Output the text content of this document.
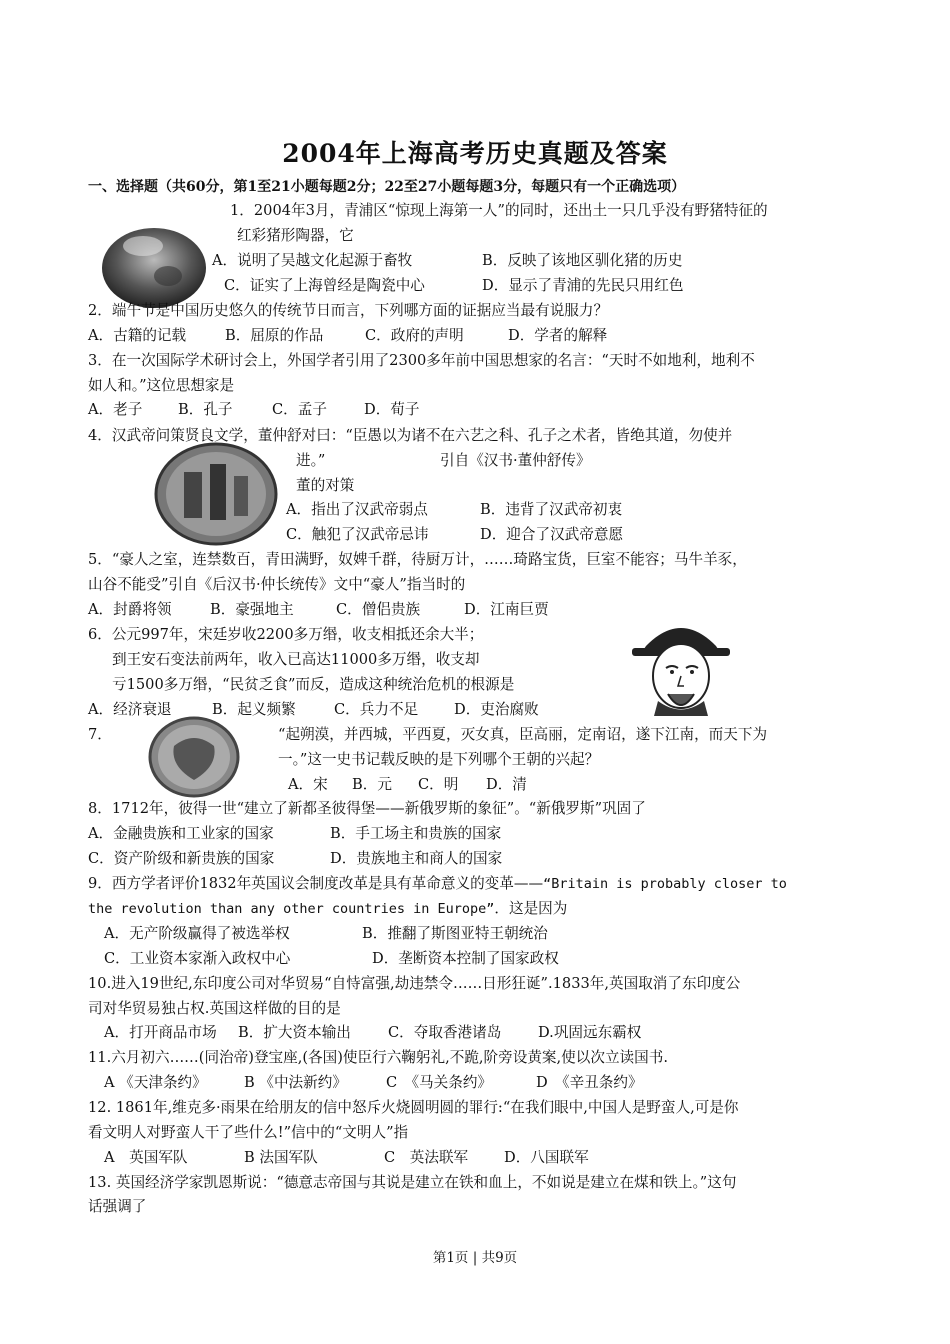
2004年上海高考历史真题及答案
一、选择题（共60分，第1至21小题每题2分；22至27小题每题3分，每题只有一个正确选项）
1．2004年3月，青浦区“惊现上海第一人”的同时，还出土一只几乎没有野猪特征的
红彩猪形陶器，它
A．说明了吴越文化起源于畜牧	B．反映了该地区驯化猪的历史
C．证实了上海曾经是陶瓷中心	D．显示了青浦的先民只用红色
2．端午节是中国历史悠久的传统节日而言，下列哪方面的证据应当最有说服力？
A．古籍的记载	B．屈原的作品	C．政府的声明	D．学者的解释
3．在一次国际学术研讨会上，外国学者引用了2300多年前中国思想家的名言：“天时不如地利，地利不
如人和。”这位思想家是
A．老子 B．孔子	C．孟子	D．荀子
4．汉武帝问策贤良文学，董仲舒对曰：“臣愚以为诸不在六艺之科、孔子之术者，皆绝其道，勿使并
进。”	引自《汉书·董仲舒传》
董的对策
A．指出了汉武帝弱点	B．违背了汉武帝初衷
C．触犯了汉武帝忌讳	D．迎合了汉武帝意愿
5．“豪人之室，连禁数百，青田满野，奴婢千群，待厨万计，……琦路宝货，巨室不能容；马牛羊豕，
山谷不能受”引自《后汉书·仲长统传》文中“豪人”指当时的
A．封爵将领	B．豪强地主	C．僧侣贵族	D．江南巨贾
6．公元997年，宋廷岁收2200多万缗，收支相抵还余大半；
到王安石变法前两年，收入已高达11000多万缗，收支却
亏1500多万缗，“民贫乏食”而反，造成这种统治危机的根源是
A．经济衰退	B．起义频繁	C．兵力不足 D．吏治腐败
7．	“起朔漠，并西城，平西夏，灭女真，臣高丽，定南诏，遂下江南，而天下为
一。”这一史书记载反映的是下列哪个王朝的兴起？
A．宋 B．元 C．明 D．清
8．1712年，彼得一世“建立了新都圣彼得堡——新俄罗斯的象征”。“新俄罗斯”巩固了
A．金融贵族和工业家的国家	B．手工场主和贵族的国家
C．资产阶级和新贵族的国家	D．贵族地主和商人的国家
9．西方学者评价1832年英国议会制度改革是具有革命意义的变革——“Britain is probably closer to
the revolution than any other countries in Europe”．这是因为
A．无产阶级赢得了被选举权	B．推翻了斯图亚特王朝统治
C．工业资本家渐入政权中心	D．垄断资本控制了国家政权
10.进入19世纪,东印度公司对华贸易“自恃富强,劫违禁令……日形狂诞”.1833年,英国取消了东印度公
司对华贸易独占权.英国这样做的目的是
A．打开商品市场 B．扩大资本输出	C．夺取香港诸岛	D.巩固远东霸权
11.六月初六……(同治帝)登宝座,(各国)使臣行六鞠躬礼,不跪,阶旁设黄案,使以次立读国书.
A 《天津条约》	B 《中法新约》	C　《马关条约》	D　《辛丑条约》
12. 1861年,维克多·雨果在给朋友的信中怒斥火烧圆明圆的罪行:“在我们眼中,中国人是野蛮人,可是你
看文明人对野蛮人干了些什么!”信中的“文明人”指
A　英国军队	B 法国军队	C　英法联军 D．八国联军
13. 英国经济学家凯恩斯说：“德意志帝国与其说是建立在铁和血上，不如说是建立在煤和铁上。”这句
话强调了
第1页 | 共9页
